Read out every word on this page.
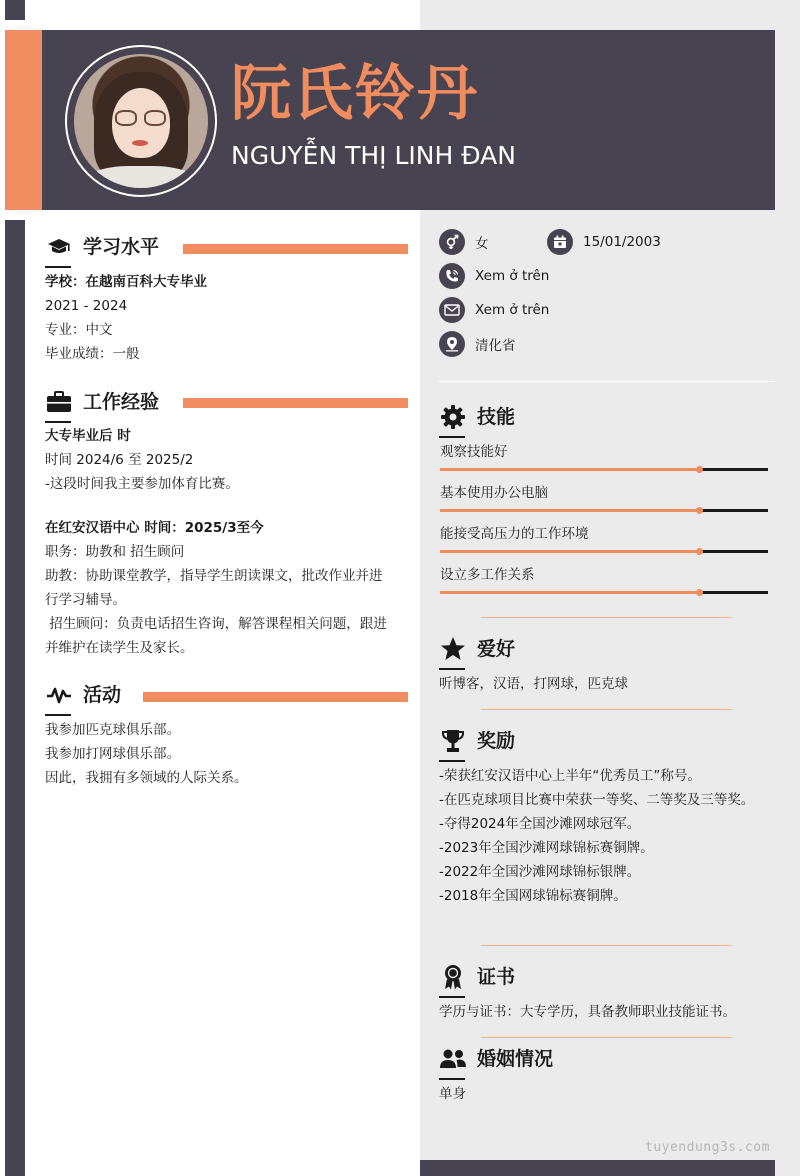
阮氏铃丹
NGUYỄN THỊ LINH ĐAN
学习水平
学校：在越南百科大专毕业
2021 - 2024
专业：中文
毕业成绩：一般
工作经验
大专毕业后 时
时间 2024/6 至 2025/2
-这段时间我主要参加体育比赛。
在红安汉语中心 时间：2025/3至今
职务：助教和 招生顾问
助教：协助课堂教学，指导学生朗读课文，批改作业并进
行学习辅导。
招生顾问：负责电话招生咨询，解答课程相关问题，跟进
并维护在读学生及家长。
活动
我参加匹克球俱乐部。
我参加打网球俱乐部。
因此，我拥有多领域的人际关系。
女	15/01/2003
Xem ở trên
Xem ở trên
清化省
技能
观察技能好
基本使用办公电脑
能接受高压力的工作环境
设立多工作关系
爱好
听博客，汉语，打网球，匹克球
奖励
-荣获红安汉语中心上半年“优秀员工”称号。
-在匹克球项目比赛中荣获一等奖、二等奖及三等奖。
-夺得2024年全国沙滩网球冠军。
-2023年全国沙滩网球锦标赛铜牌。
-2022年全国沙滩网球锦标银牌。
-2018年全国网球锦标赛铜牌。
证书
学历与证书：大专学历，具备教师职业技能证书。
婚姻情况
单身
tuyendung3s.com
